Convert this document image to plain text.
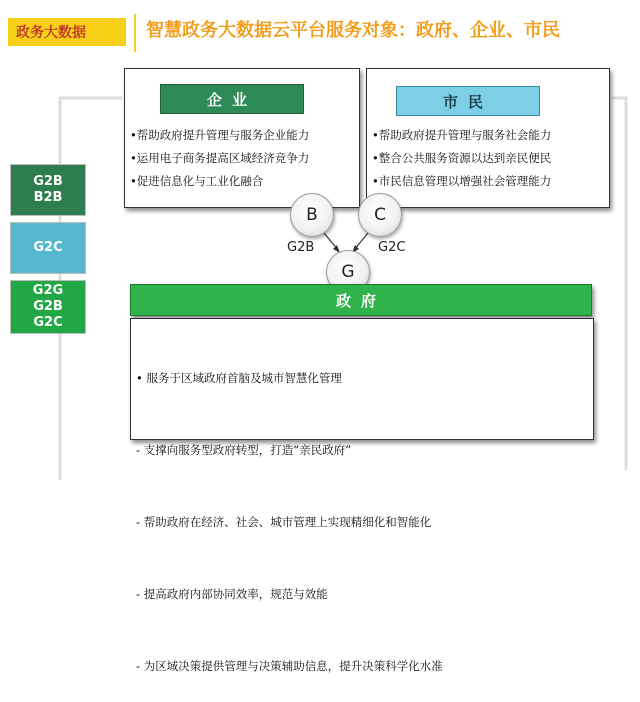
政务大数据	智慧政务大数据云平台服务对象：政府、企业、市民
企业
•帮助政府提升管理与服务企业能力
•运用电子商务提高区域经济竞争力
•促进信息化与工业化融合
市民
•帮助政府提升管理与服务社会能力
•整合公共服务资源以达到亲民便民
•市民信息管理以增强社会管理能力
G2B
B2B
G2C
G2G
G2B
G2C
B	C
G
G2B	G2C
政府

• 服务于区域政府首脑及城市智慧化管理

- 支撑向服务型政府转型，打造“亲民政府”

- 帮助政府在经济、社会、城市管理上实现精细化和智能化

- 提高政府内部协同效率，规范与效能

- 为区域决策提供管理与决策辅助信息，提升决策科学化水准
